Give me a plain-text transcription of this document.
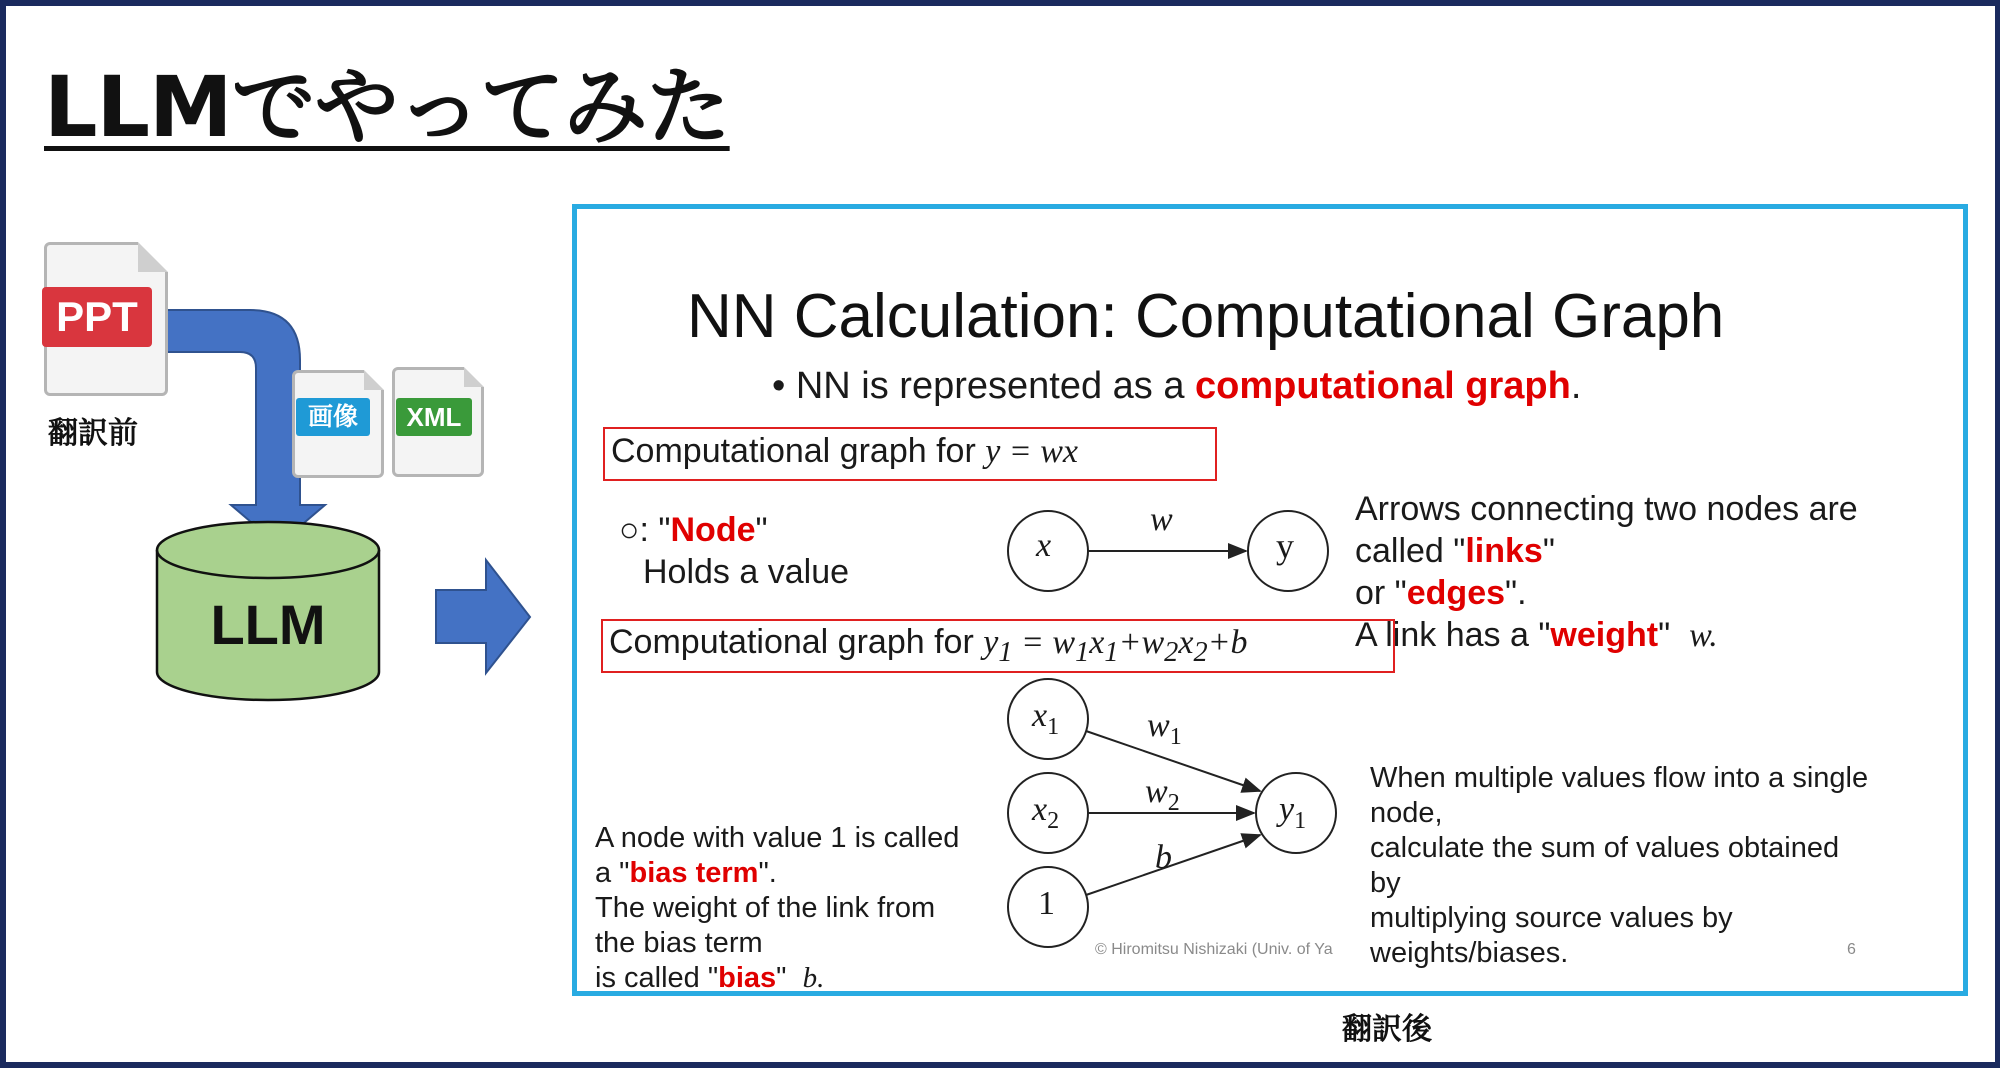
LLMでやってみた
PPT
翻訳前	画像	XML
LLM
NN Calculation: Computational Graph
• NN is represented as a computational graph.
Computational graph for y = wx
○: "Node"
Holds a value
x	y
w	Arrows connecting two nodes are
called "links"
or "edges".
A link has a "weight" w.
Computational graph for $y_1 = w_1x_1+w_2x_2+b$
$x_1$
$x_2$
1
$y_1$
$w_1$
$w_2$
b
A node with value 1 is called
a "bias term".
The weight of the link from
the bias term
is called "bias" b.
When multiple values flow into a single
node,
calculate the sum of values obtained
by
multiplying source values by
weights/biases.
© Hiromitsu Nishizaki (Univ. of Ya	6
翻訳後
